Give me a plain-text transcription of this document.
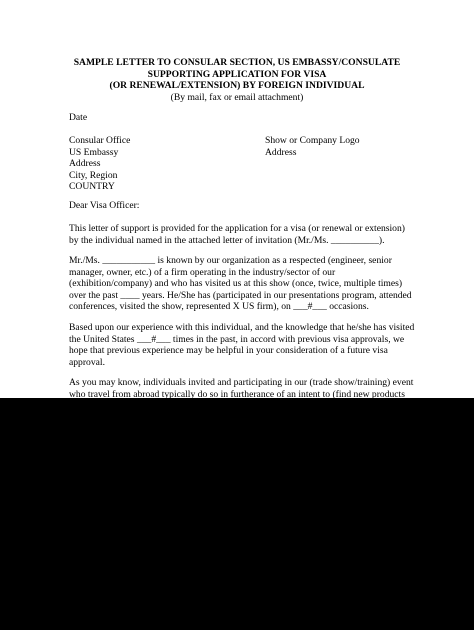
SAMPLE LETTER TO CONSULAR SECTION, US EMBASSY/CONSULATE
SUPPORTING APPLICATION FOR VISA
(OR RENEWAL/EXTENSION) BY FOREIGN INDIVIDUAL
(By mail, fax or email attachment)
Date
Consular Office
US Embassy
Address
City, Region
COUNTRY
Show or Company Logo
Address
Dear Visa Officer:
This letter of support is provided for the application for a visa (or renewal or extension)
by the individual named in the attached letter of invitation (Mr./Ms. __________).
Mr./Ms. ___________ is known by our organization as a respected (engineer, senior
manager, owner, etc.) of a firm operating in the industry/sector of our
(exhibition/company) and who has visited us at this show (once, twice, multiple times)
over the past ____ years. He/She has (participated in our presentations program, attended
conferences, visited the show, represented X US firm), on ___#___ occasions.
Based upon our experience with this individual, and the knowledge that he/she has visited
the United States ___#___ times in the past, in accord with previous visa approvals, we
hope that previous experience may be helpful in your consideration of a future visa
approval.
As you may know, individuals invited and participating in our (trade show/training) event
who travel from abroad typically do so in furtherance of an intent to (find new products
and services in the US; to represent US companies in their home market; to purchase US
